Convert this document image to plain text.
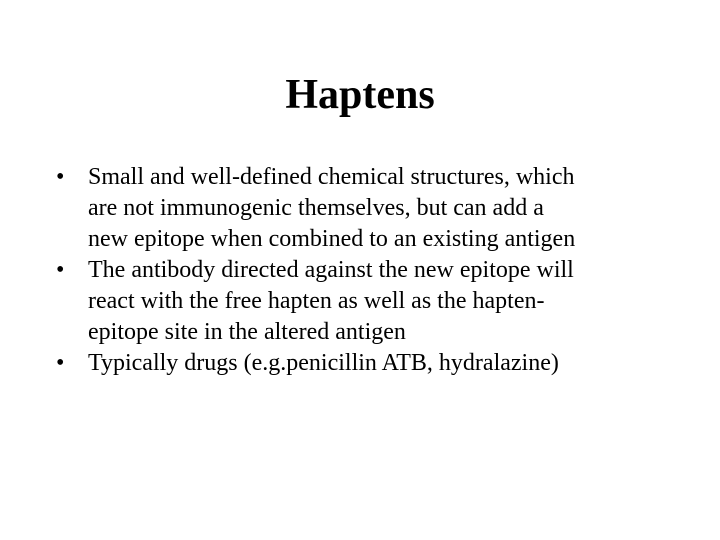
Haptens
• Small and well-defined chemical structures, which
are not immunogenic themselves, but can add a
new epitope when combined to an existing antigen
• The antibody directed against the new epitope will
react with the free hapten as well as the hapten-
epitope site in the altered antigen
• Typically drugs (e.g.penicillin ATB, hydralazine)
